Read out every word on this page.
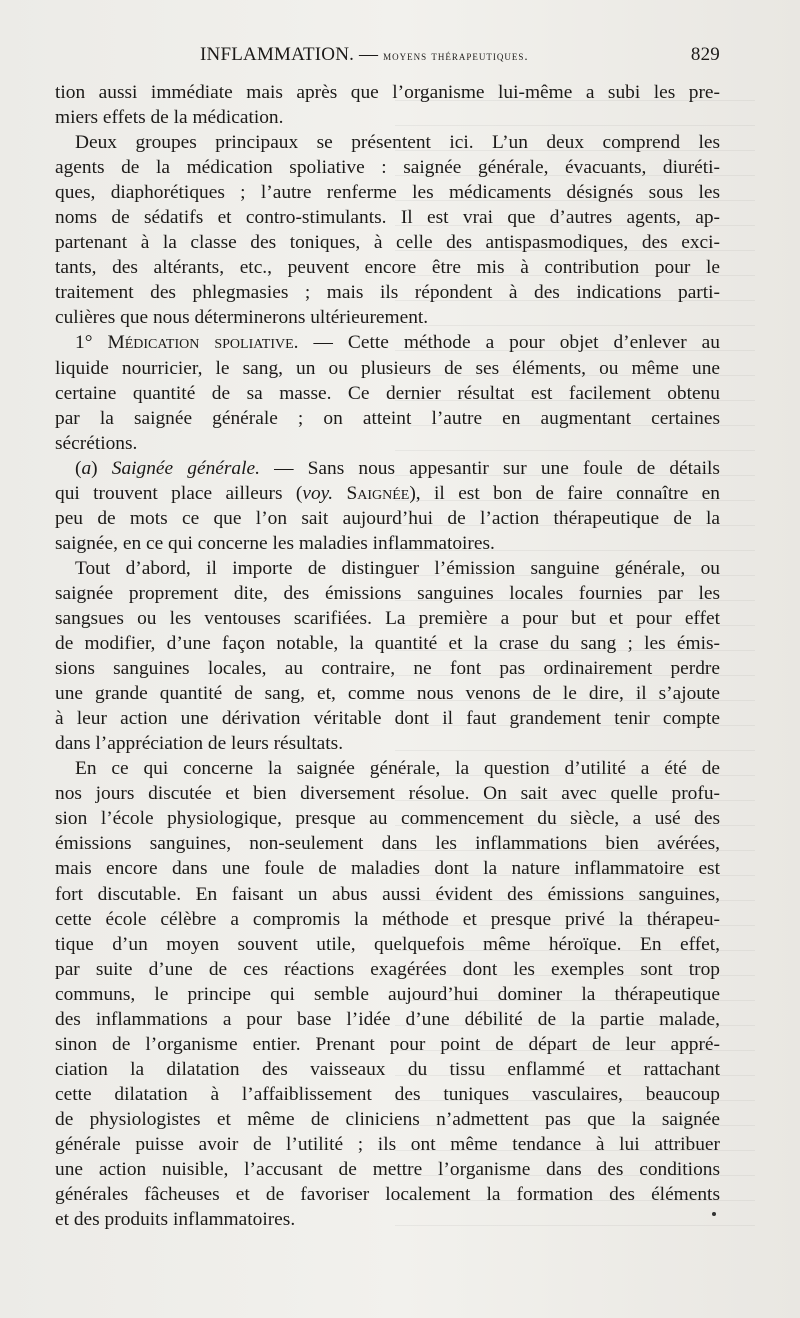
INFLAMMATION. — moyens thérapeutiques.	829
tion aussi immédiate mais après que l’organisme lui-même a subi les pre-
miers effets de la médication.
Deux groupes principaux se présentent ici. L’un deux comprend les
agents de la médication spoliative : saignée générale, évacuants, diuréti-
ques, diaphorétiques ; l’autre renferme les médicaments désignés sous les
noms de sédatifs et contro-stimulants. Il est vrai que d’autres agents, ap-
partenant à la classe des toniques, à celle des antispasmodiques, des exci-
tants, des altérants, etc., peuvent encore être mis à contribution pour le
traitement des phlegmasies ; mais ils répondent à des indications parti-
culières que nous déterminerons ultérieurement.
1° Médication spoliative. — Cette méthode a pour objet d’enlever au
liquide nourricier, le sang, un ou plusieurs de ses éléments, ou même une
certaine quantité de sa masse. Ce dernier résultat est facilement obtenu
par la saignée générale ; on atteint l’autre en augmentant certaines
sécrétions.
(a) Saignée générale. — Sans nous appesantir sur une foule de détails
qui trouvent place ailleurs (voy. Saignée), il est bon de faire connaître en
peu de mots ce que l’on sait aujourd’hui de l’action thérapeutique de la
saignée, en ce qui concerne les maladies inflammatoires.
Tout d’abord, il importe de distinguer l’émission sanguine générale, ou
saignée proprement dite, des émissions sanguines locales fournies par les
sangsues ou les ventouses scarifiées. La première a pour but et pour effet
de modifier, d’une façon notable, la quantité et la crase du sang ; les émis-
sions sanguines locales, au contraire, ne font pas ordinairement perdre
une grande quantité de sang, et, comme nous venons de le dire, il s’ajoute
à leur action une dérivation véritable dont il faut grandement tenir compte
dans l’appréciation de leurs résultats.
En ce qui concerne la saignée générale, la question d’utilité a été de
nos jours discutée et bien diversement résolue. On sait avec quelle profu-
sion l’école physiologique, presque au commencement du siècle, a usé des
émissions sanguines, non-seulement dans les inflammations bien avérées,
mais encore dans une foule de maladies dont la nature inflammatoire est
fort discutable. En faisant un abus aussi évident des émissions sanguines,
cette école célèbre a compromis la méthode et presque privé la thérapeu-
tique d’un moyen souvent utile, quelquefois même héroïque. En effet,
par suite d’une de ces réactions exagérées dont les exemples sont trop
communs, le principe qui semble aujourd’hui dominer la thérapeutique
des inflammations a pour base l’idée d’une débilité de la partie malade,
sinon de l’organisme entier. Prenant pour point de départ de leur appré-
ciation la dilatation des vaisseaux du tissu enflammé et rattachant
cette dilatation à l’affaiblissement des tuniques vasculaires, beaucoup
de physiologistes et même de cliniciens n’admettent pas que la saignée
générale puisse avoir de l’utilité ; ils ont même tendance à lui attribuer
une action nuisible, l’accusant de mettre l’organisme dans des conditions
générales fâcheuses et de favoriser localement la formation des éléments
et des produits inflammatoires.
